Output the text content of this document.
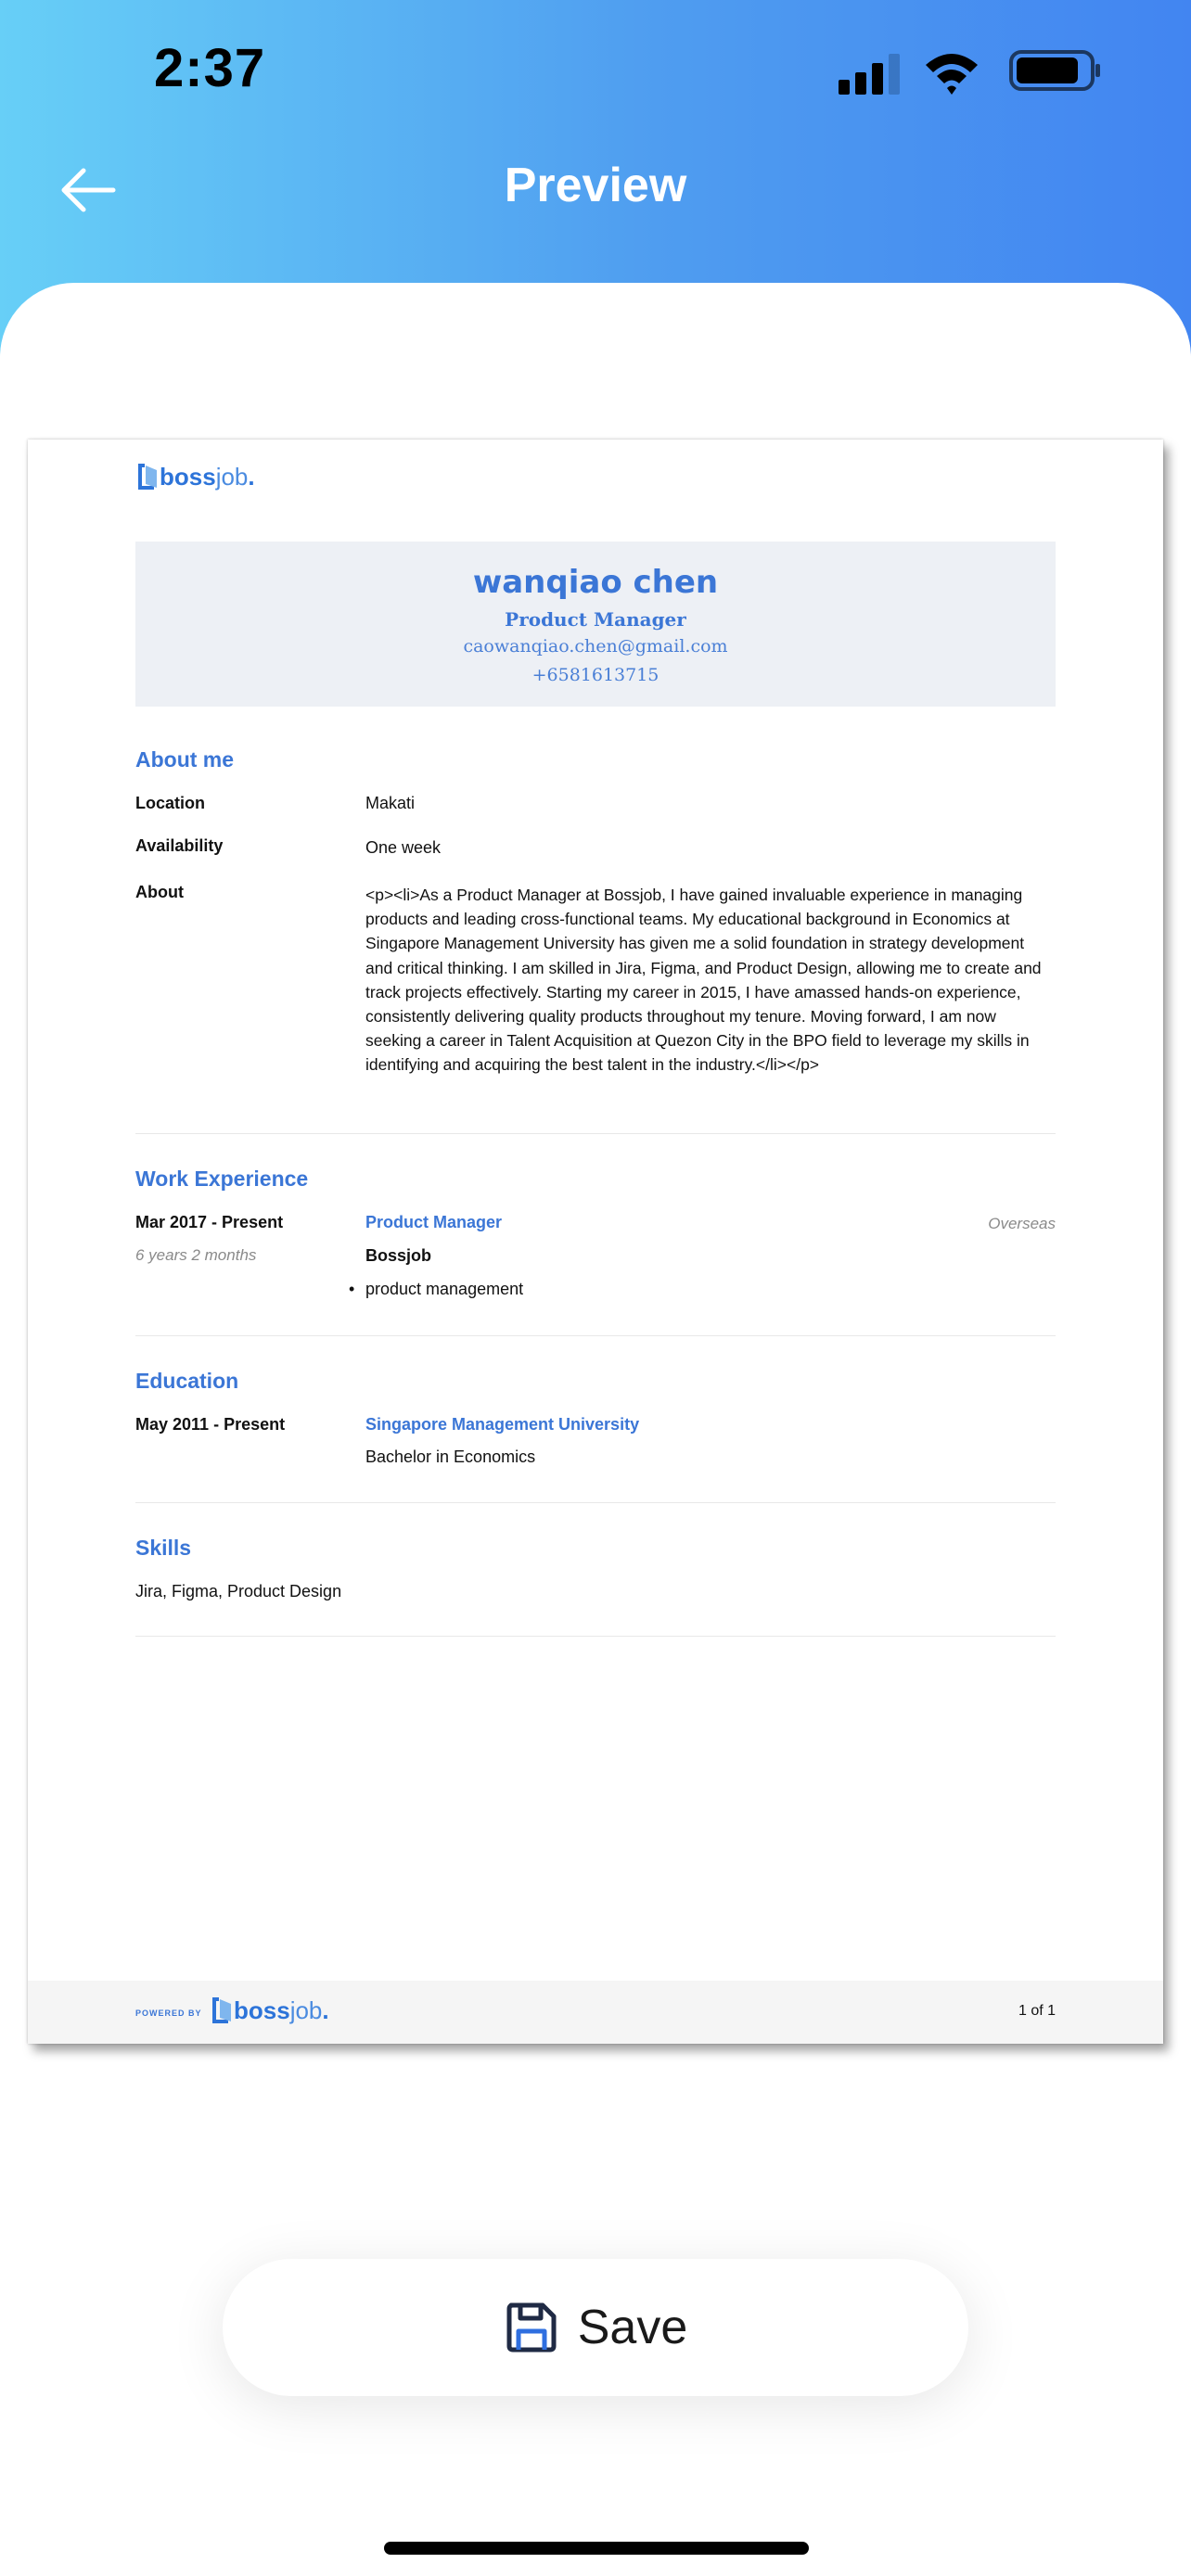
2:37
Preview
boss job .
wanqiao chen
Product Manager
caowanqiao.chen@gmail.com
+6581613715
About me
Location	Makati
Availability	One week
About	<p><li>As a Product Manager at Bossjob, I have gained invaluable experience in managing products and leading cross-functional teams. My educational background in Economics at Singapore Management University has given me a solid foundation in strategy development and critical thinking. I am skilled in Jira, Figma, and Product Design, allowing me to create and track projects effectively. Starting my career in 2015, I have amassed hands-on experience, consistently delivering quality products throughout my tenure. Moving forward, I am now seeking a career in Talent Acquisition at Quezon City in the BPO field to leverage my skills in identifying and acquiring the best talent in the industry.</li></p>
Work Experience
Mar 2017 - Present	Product Manager	Overseas
6 years 2 months	Bossjob
• product management
Education
May 2011 - Present	Singapore Management University
Bachelor in Economics
Skills
Jira, Figma, Product Design
POWERED BY boss job .	1 of 1
Save
